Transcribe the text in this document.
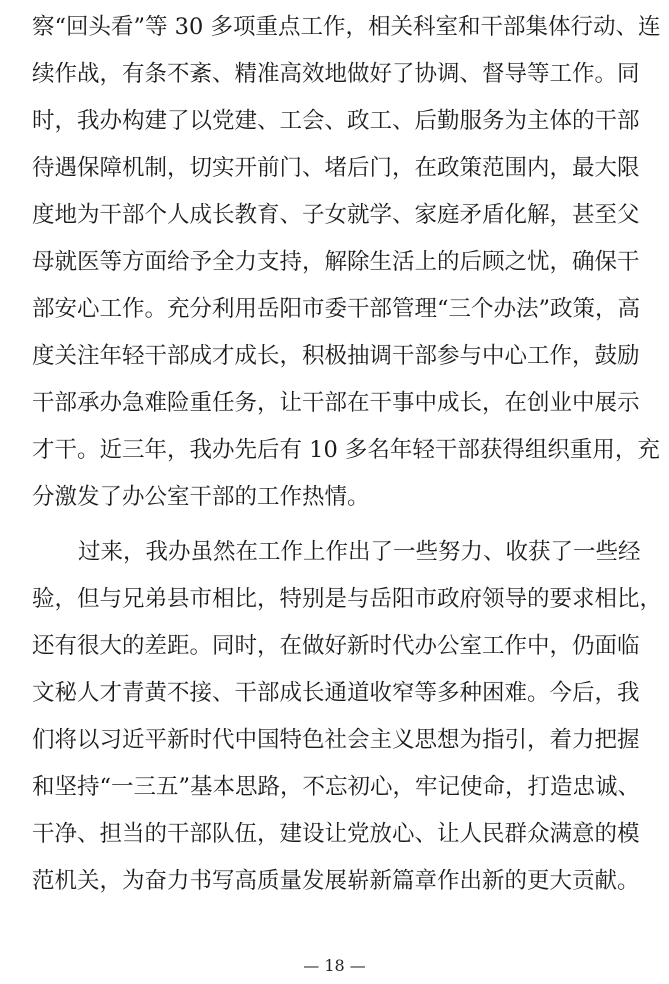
察“回头看”等 30 多项重点工作，相关科室和干部集体行动、连
续作战，有条不紊、精准高效地做好了协调、督导等工作。同
时，我办构建了以党建、工会、政工、后勤服务为主体的干部
待遇保障机制，切实开前门、堵后门，在政策范围内，最大限
度地为干部个人成长教育、子女就学、家庭矛盾化解，甚至父
母就医等方面给予全力支持，解除生活上的后顾之忧，确保干
部安心工作。充分利用岳阳市委干部管理“三个办法”政策，高
度关注年轻干部成才成长，积极抽调干部参与中心工作，鼓励
干部承办急难险重任务，让干部在干事中成长，在创业中展示
才干。近三年，我办先后有 10 多名年轻干部获得组织重用，充
分激发了办公室干部的工作热情。
过来，我办虽然在工作上作出了一些努力、收获了一些经
验，但与兄弟县市相比，特别是与岳阳市政府领导的要求相比，
还有很大的差距。同时，在做好新时代办公室工作中，仍面临
文秘人才青黄不接、干部成长通道收窄等多种困难。今后，我
们将以习近平新时代中国特色社会主义思想为指引，着力把握
和坚持“一三五”基本思路，不忘初心，牢记使命，打造忠诚、
干净、担当的干部队伍，建设让党放心、让人民群众满意的模
范机关，为奋力书写高质量发展崭新篇章作出新的更大贡献。
— 18 —
